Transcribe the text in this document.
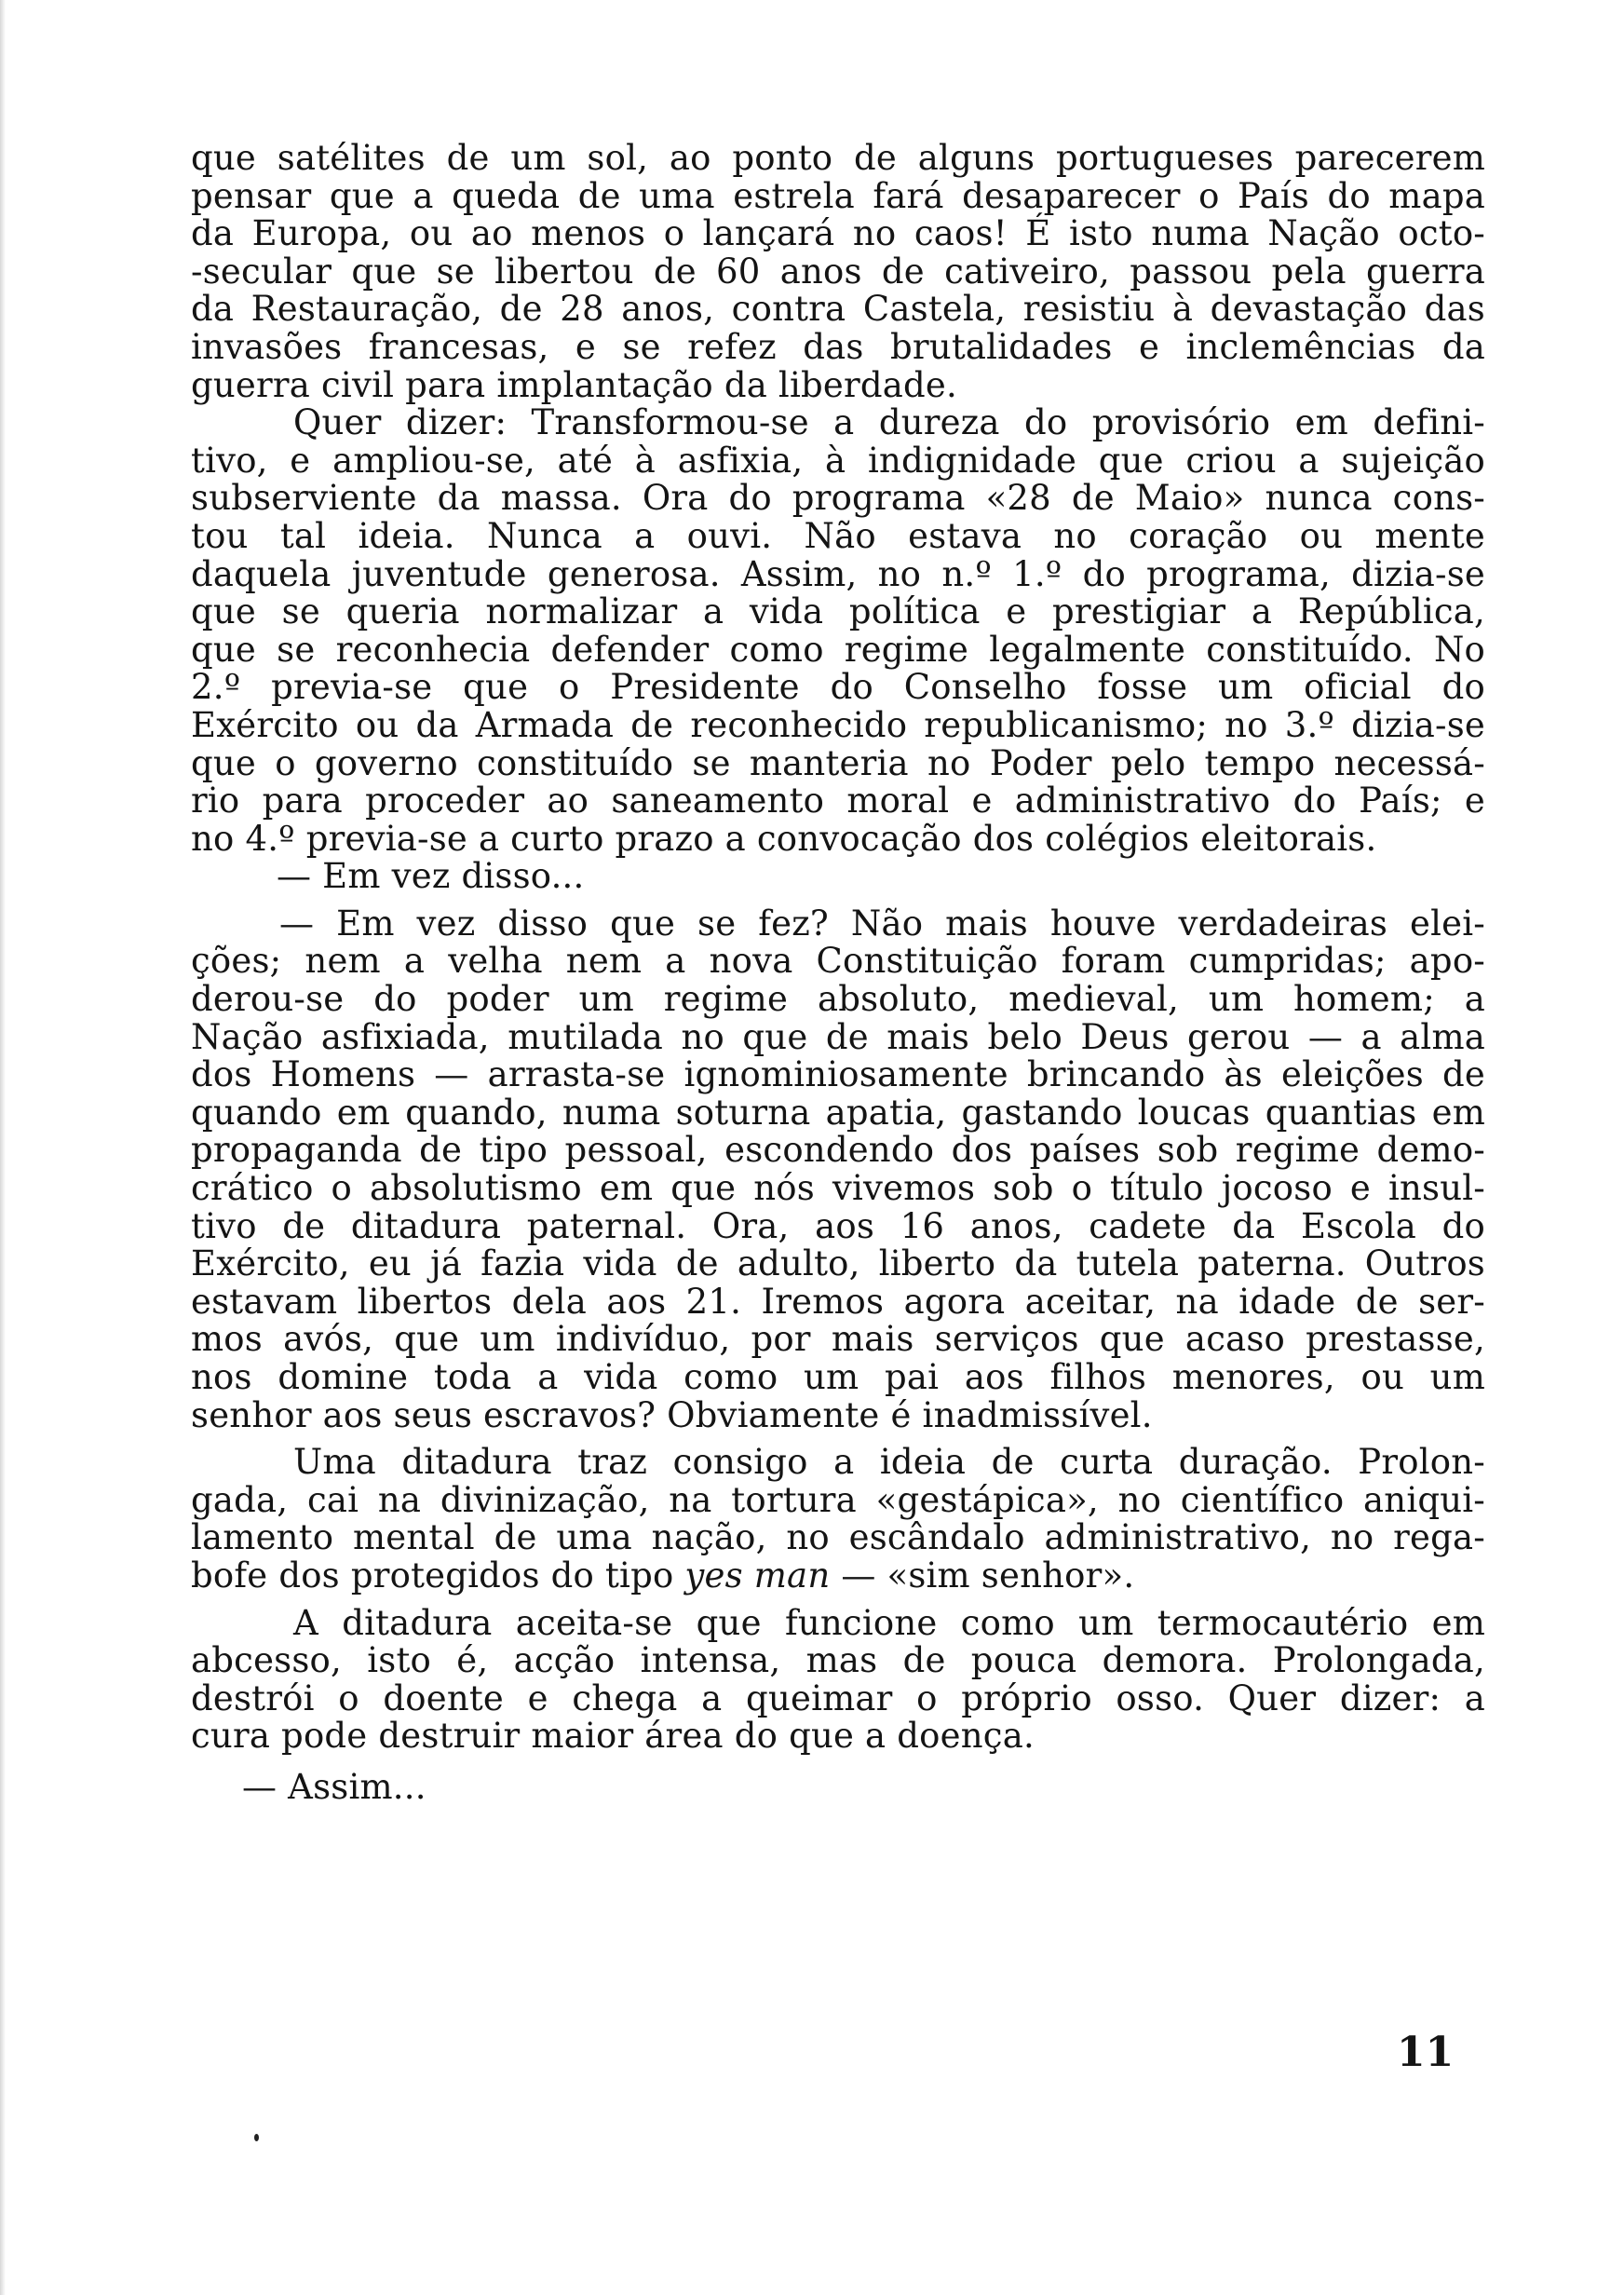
que satélites de um sol, ao ponto de alguns portugueses parecerem
pensar que a queda de uma estrela fará desaparecer o País do mapa
da Europa, ou ao menos o lançará no caos! É isto numa Nação octo-
-secular que se libertou de 60 anos de cativeiro, passou pela guerra
da Restauração, de 28 anos, contra Castela, resistiu à devastação das
invasões francesas, e se refez das brutalidades e inclemências da
guerra civil para implantação da liberdade.
Quer dizer: Transformou-se a dureza do provisório em defini-
tivo, e ampliou-se, até à asfixia, à indignidade que criou a sujeição
subserviente da massa. Ora do programa «28 de Maio» nunca cons-
tou tal ideia. Nunca a ouvi. Não estava no coração ou mente
daquela juventude generosa. Assim, no n.º 1.º do programa, dizia-se
que se queria normalizar a vida política e prestigiar a República,
que se reconhecia defender como regime legalmente constituído. No
2.º previa-se que o Presidente do Conselho fosse um oficial do
Exército ou da Armada de reconhecido republicanismo; no 3.º dizia-se
que o governo constituído se manteria no Poder pelo tempo necessá-
rio para proceder ao saneamento moral e administrativo do País; e
no 4.º previa-se a curto prazo a convocação dos colégios eleitorais.
— Em vez disso...
— Em vez disso que se fez? Não mais houve verdadeiras elei-
ções; nem a velha nem a nova Constituição foram cumpridas; apo-
derou-se do poder um regime absoluto, medieval, um homem; a
Nação asfixiada, mutilada no que de mais belo Deus gerou — a alma
dos Homens — arrasta-se ignominiosamente brincando às eleições de
quando em quando, numa soturna apatia, gastando loucas quantias em
propaganda de tipo pessoal, escondendo dos países sob regime demo-
crático o absolutismo em que nós vivemos sob o título jocoso e insul-
tivo de ditadura paternal. Ora, aos 16 anos, cadete da Escola do
Exército, eu já fazia vida de adulto, liberto da tutela paterna. Outros
estavam libertos dela aos 21. Iremos agora aceitar, na idade de ser-
mos avós, que um indivíduo, por mais serviços que acaso prestasse,
nos domine toda a vida como um pai aos filhos menores, ou um
senhor aos seus escravos? Obviamente é inadmissível.
Uma ditadura traz consigo a ideia de curta duração. Prolon-
gada, cai na divinização, na tortura «gestápica», no científico aniqui-
lamento mental de uma nação, no escândalo administrativo, no rega-
bofe dos protegidos do tipo yes man — «sim senhor».
A ditadura aceita-se que funcione como um termocautério em
abcesso, isto é, acção intensa, mas de pouca demora. Prolongada,
destrói o doente e chega a queimar o próprio osso. Quer dizer: a
cura pode destruir maior área do que a doença.
— Assim...
11
